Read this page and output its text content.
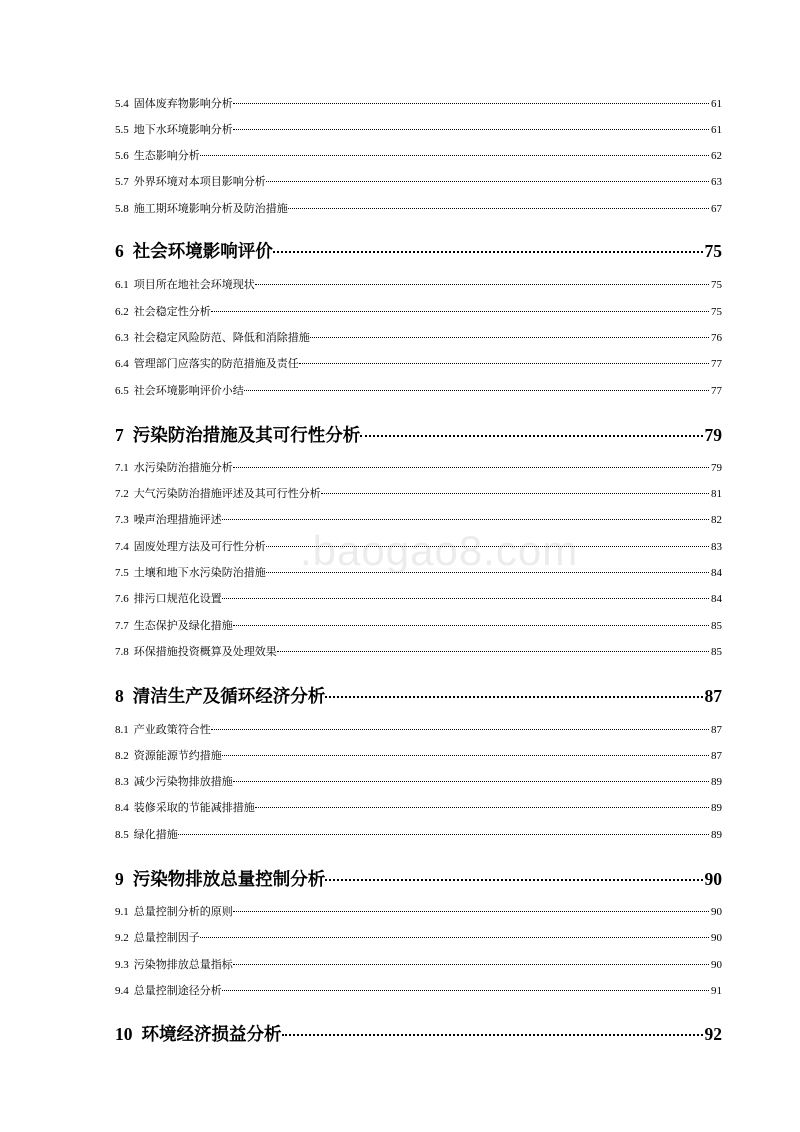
5.4 固体废弃物影响分析	61
5.5 地下水环境影响分析	61
5.6 生态影响分析	62
5.7 外界环境对本项目影响分析	63
5.8 施工期环境影响分析及防治措施	67
6 社会环境影响评价	75
6.1 项目所在地社会环境现状	75
6.2 社会稳定性分析	75
6.3 社会稳定风险防范、降低和消除措施	76
6.4 管理部门应落实的防范措施及责任	77
6.5 社会环境影响评价小结	77
7 污染防治措施及其可行性分析	79
7.1 水污染防治措施分析	79
7.2 大气污染防治措施评述及其可行性分析	81
7.3 噪声治理措施评述	82
7.4 固废处理方法及可行性分析	83
7.5 土壤和地下水污染防治措施	84
7.6 排污口规范化设置	84
7.7 生态保护及绿化措施	85
7.8 环保措施投资概算及处理效果	85
8 清洁生产及循环经济分析	87
8.1 产业政策符合性	87
8.2 资源能源节约措施	87
8.3 减少污染物排放措施	89
8.4 装修采取的节能减排措施	89
8.5 绿化措施	89
9 污染物排放总量控制分析	90
9.1 总量控制分析的原则	90
9.2 总量控制因子	90
9.3 污染物排放总量指标	90
9.4 总量控制途径分析	91
10 环境经济损益分析	92
.baogao8.com
